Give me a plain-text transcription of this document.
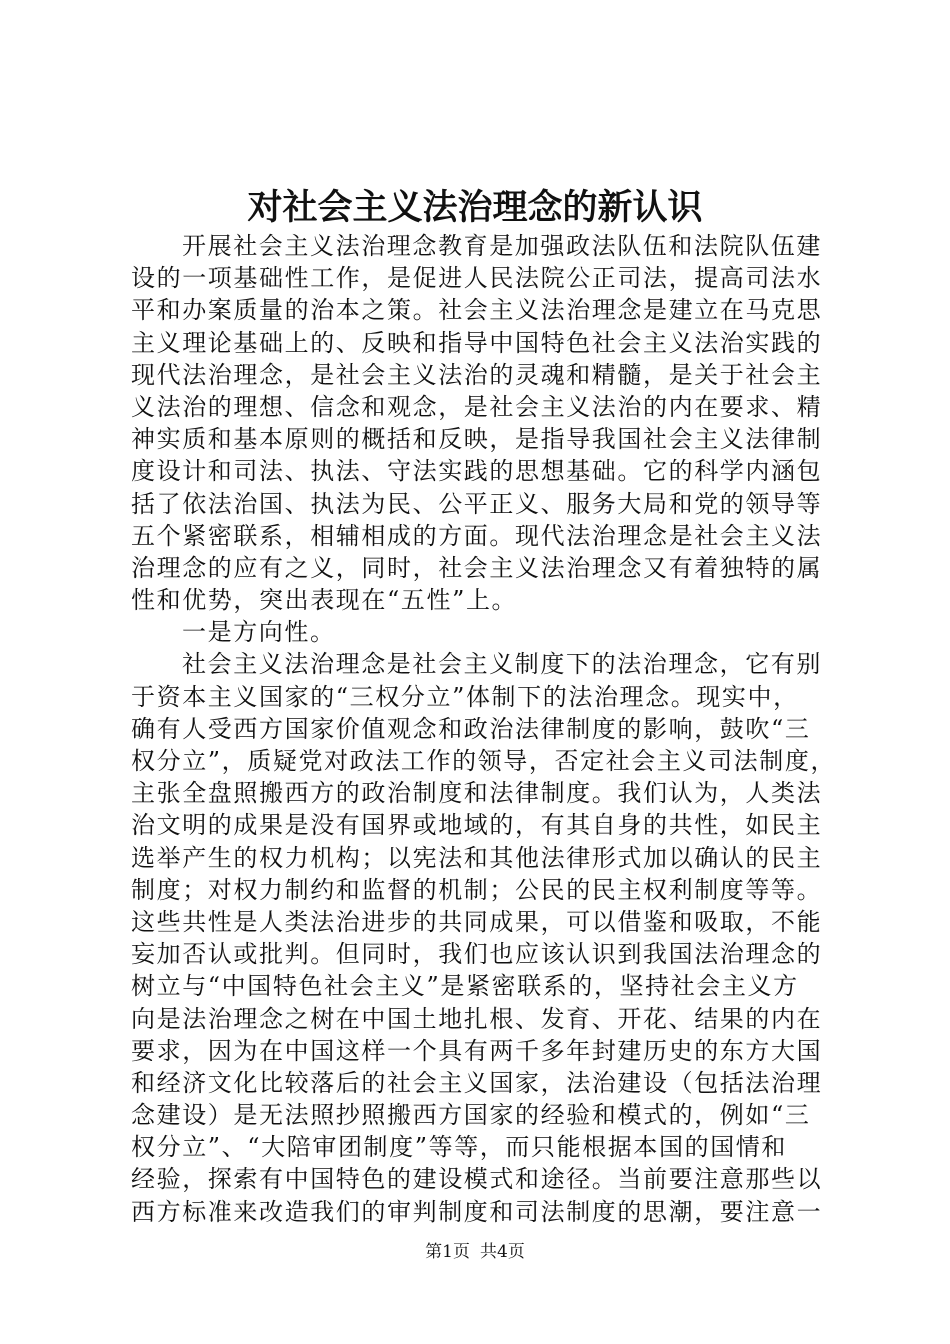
对社会主义法治理念的新认识
开展社会主义法治理念教育是加强政法队伍和法院队伍建
设的一项基础性工作，是促进人民法院公正司法，提高司法水
平和办案质量的治本之策。社会主义法治理念是建立在马克思
主义理论基础上的、反映和指导中国特色社会主义法治实践的
现代法治理念，是社会主义法治的灵魂和精髓，是关于社会主
义法治的理想、信念和观念，是社会主义法治的内在要求、精
神实质和基本原则的概括和反映，是指导我国社会主义法律制
度设计和司法、执法、守法实践的思想基础。它的科学内涵包
括了依法治国、执法为民、公平正义、服务大局和党的领导等
五个紧密联系，相辅相成的方面。现代法治理念是社会主义法
治理念的应有之义，同时，社会主义法治理念又有着独特的属
性和优势，突出表现在“五性”上。
一是方向性。
社会主义法治理念是社会主义制度下的法治理念，它有别
于资本主义国家的“三权分立”体制下的法治理念。现实中，
确有人受西方国家价值观念和政治法律制度的影响，鼓吹“三
权分立”，质疑党对政法工作的领导，否定社会主义司法制度，
主张全盘照搬西方的政治制度和法律制度。我们认为，人类法
治文明的成果是没有国界或地域的，有其自身的共性，如民主
选举产生的权力机构；以宪法和其他法律形式加以确认的民主
制度；对权力制约和监督的机制；公民的民主权利制度等等。
这些共性是人类法治进步的共同成果，可以借鉴和吸取，不能
妄加否认或批判。但同时，我们也应该认识到我国法治理念的
树立与“中国特色社会主义”是紧密联系的，坚持社会主义方
向是法治理念之树在中国土地扎根、发育、开花、结果的内在
要求，因为在中国这样一个具有两千多年封建历史的东方大国
和经济文化比较落后的社会主义国家，法治建设（包括法治理
念建设）是无法照抄照搬西方国家的经验和模式的，例如“三
权分立”、“大陪审团制度”等等，而只能根据本国的国情和
经验，探索有中国特色的建设模式和途径。当前要注意那些以
西方标准来改造我们的审判制度和司法制度的思潮，要注意一
第1页 共4页
